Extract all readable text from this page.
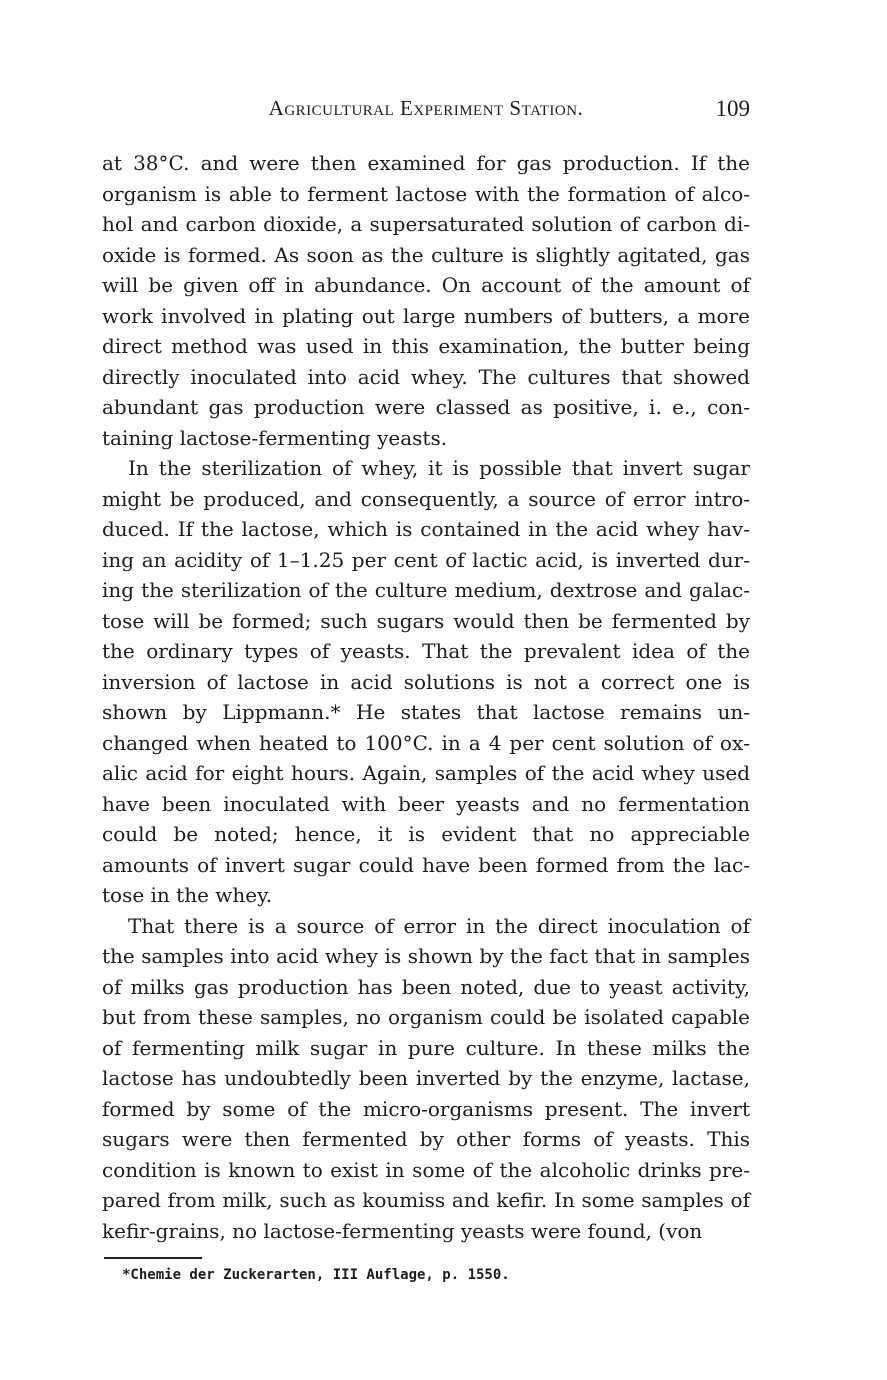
Agricultural Experiment Station.	109

at 38°C. and were then examined for gas production. If the organism is able to ferment lactose with the formation of alcohol and carbon dioxide, a supersaturated solution of carbon dioxide is formed. As soon as the culture is slightly agitated, gas will be given off in abundance. On account of the amount of work involved in plating out large numbers of butters, a more direct method was used in this examination, the butter being directly inoculated into acid whey. The cultures that showed abundant gas production were classed as positive, i. e., containing lactose-fermenting yeasts.

In the sterilization of whey, it is possible that invert sugar might be produced, and consequently, a source of error introduced. If the lactose, which is contained in the acid whey having an acidity of 1–1.25 per cent of lactic acid, is inverted during the sterilization of the culture medium, dextrose and galactose will be formed; such sugars would then be fermented by the ordinary types of yeasts. That the prevalent idea of the inversion of lactose in acid solutions is not a correct one is shown by Lippmann.* He states that lactose remains unchanged when heated to 100°C. in a 4 per cent solution of oxalic acid for eight hours. Again, samples of the acid whey used have been inoculated with beer yeasts and no fermentation could be noted; hence, it is evident that no appreciable amounts of invert sugar could have been formed from the lactose in the whey.

That there is a source of error in the direct inoculation of the samples into acid whey is shown by the fact that in samples of milks gas production has been noted, due to yeast activity, but from these samples, no organism could be isolated capable of fermenting milk sugar in pure culture. In these milks the lactose has undoubtedly been inverted by the enzyme, lactase, formed by some of the micro-organisms present. The invert sugars were then fermented by other forms of yeasts. This condition is known to exist in some of the alcoholic drinks prepared from milk, such as koumiss and kefir. In some samples of kefir-grains, no lactose-fermenting yeasts were found, (von

*Chemie der Zuckerarten, III Auflage, p. 1550.
